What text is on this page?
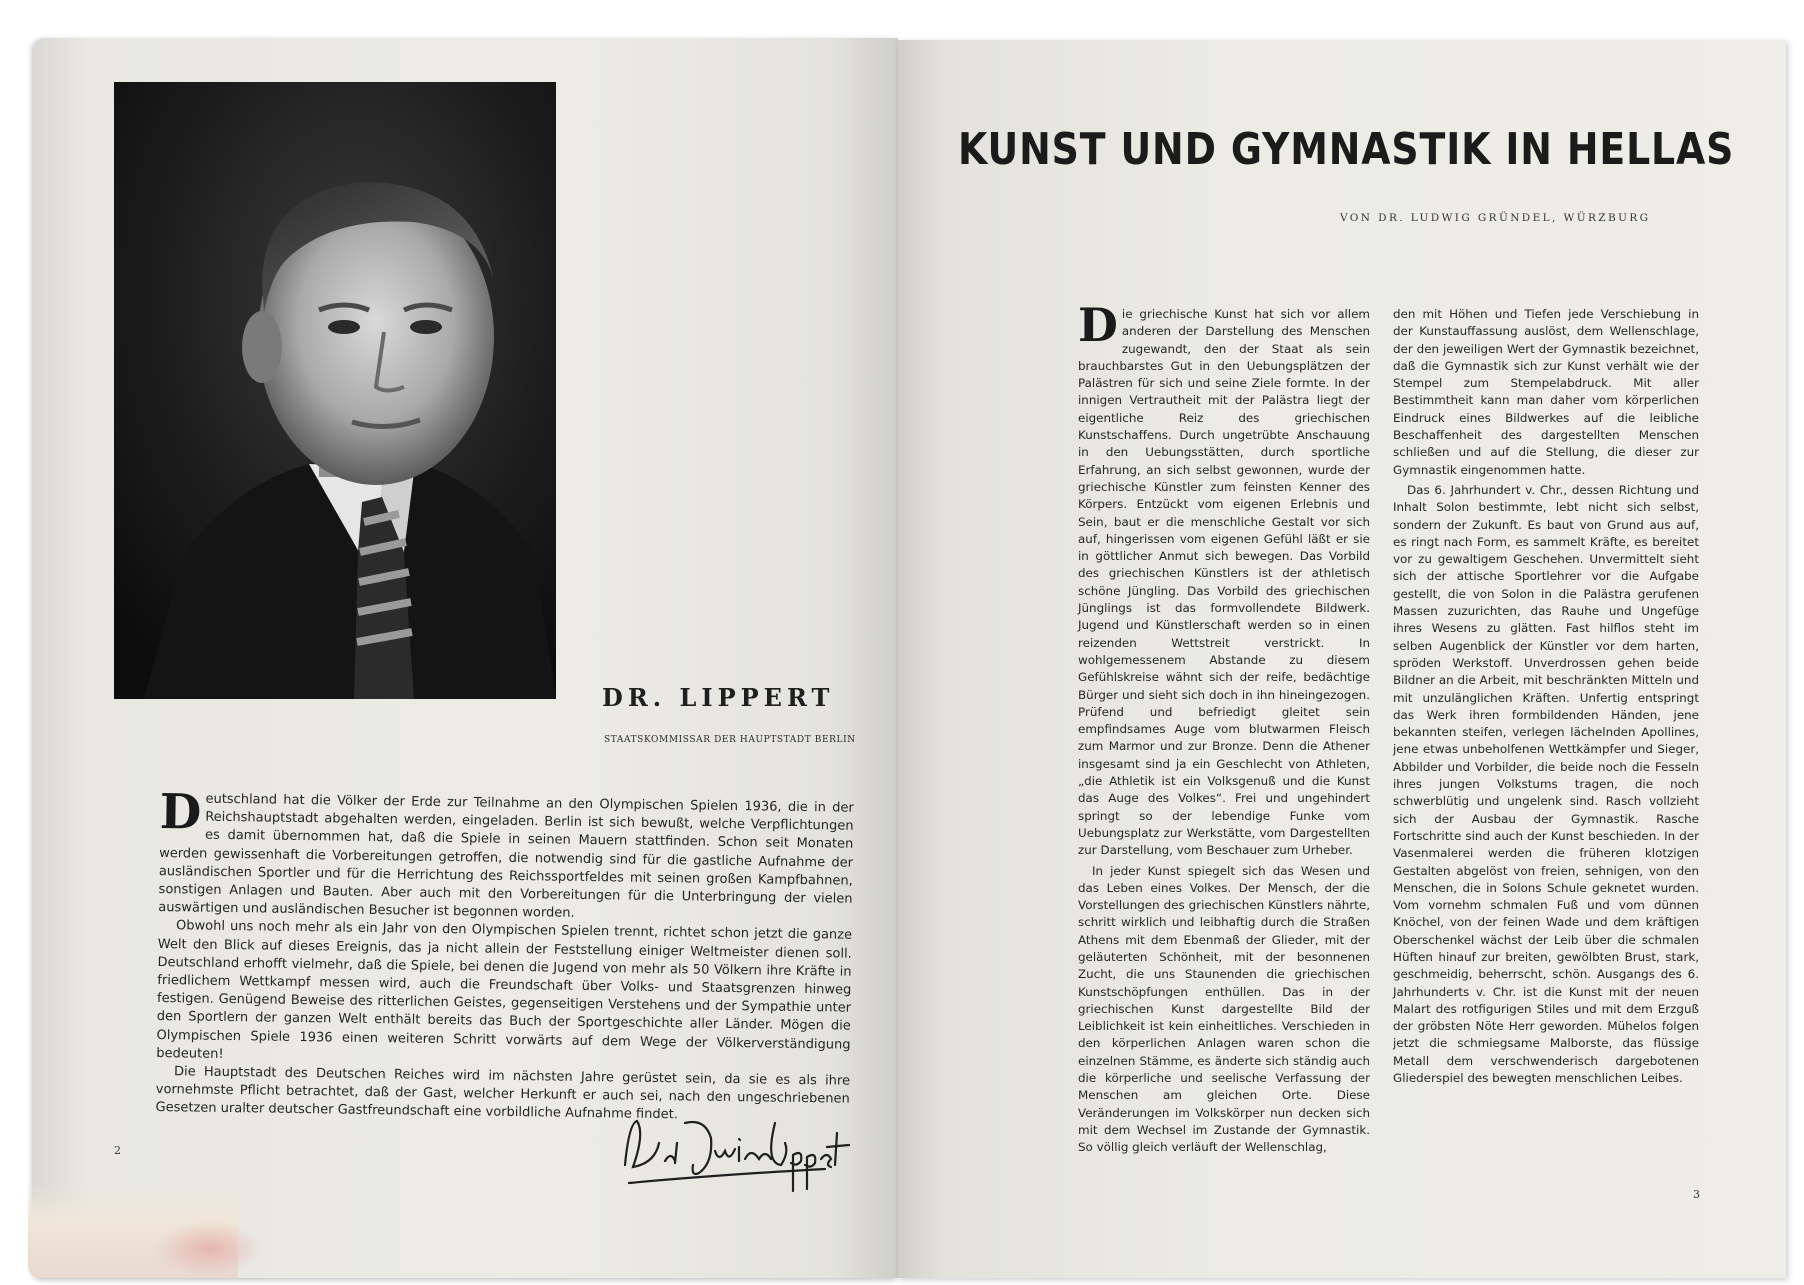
DR. LIPPERT
STAATSKOMMISSAR DER HAUPTSTADT BERLIN
D eutschland hat die Völker der Erde zur Teilnahme an den Olympischen Spielen 1936, die in der Reichshauptstadt abgehalten werden, eingeladen. Berlin ist sich bewußt, welche Verpflichtungen es damit übernommen hat, daß die Spiele in seinen Mauern stattfinden. Schon seit Monaten werden gewissenhaft die Vorbereitungen getroffen, die notwendig sind für die gastliche Aufnahme der ausländischen Sportler und für die Herrichtung des Reichssportfeldes mit seinen großen Kampfbahnen, sonstigen Anlagen und Bauten. Aber auch mit den Vorbereitungen für die Unterbringung der vielen auswärtigen und ausländischen Besucher ist begonnen worden.

Obwohl uns noch mehr als ein Jahr von den Olympischen Spielen trennt, richtet schon jetzt die ganze Welt den Blick auf dieses Ereignis, das ja nicht allein der Feststellung einiger Weltmeister dienen soll. Deutschland erhofft vielmehr, daß die Spiele, bei denen die Jugend von mehr als 50 Völkern ihre Kräfte in friedlichem Wettkampf messen wird, auch die Freundschaft über Volks- und Staatsgrenzen hinweg festigen. Genügend Beweise des ritterlichen Geistes, gegenseitigen Verstehens und der Sympathie unter den Sportlern der ganzen Welt enthält bereits das Buch der Sportgeschichte aller Länder. Mögen die Olympischen Spiele 1936 einen weiteren Schritt vorwärts auf dem Wege der Völkerverständigung bedeuten!

Die Hauptstadt des Deutschen Reiches wird im nächsten Jahre gerüstet sein, da sie es als ihre vornehmste Pflicht betrachtet, daß der Gast, welcher Herkunft er auch sei, nach den ungeschriebenen Gesetzen uralter deutscher Gastfreundschaft eine vorbildliche Aufnahme findet.

2
KUNST UND GYMNASTIK IN HELLAS
VON DR. LUDWIG GRÜNDEL, WÜRZBURG
D ie griechische Kunst hat sich vor allem anderen der Darstellung des Menschen zugewandt, den der Staat als sein brauchbarstes Gut in den Uebungsplätzen der Palästren für sich und seine Ziele formte. In der innigen Vertrautheit mit der Palästra liegt der eigentliche Reiz des griechischen Kunstschaffens. Durch ungetrübte Anschauung in den Uebungsstätten, durch sportliche Erfahrung, an sich selbst gewonnen, wurde der griechische Künstler zum feinsten Kenner des Körpers. Entzückt vom eigenen Erlebnis und Sein, baut er die menschliche Gestalt vor sich auf, hingerissen vom eigenen Gefühl läßt er sie in göttlicher Anmut sich bewegen. Das Vorbild des griechischen Künstlers ist der athletisch schöne Jüngling. Das Vorbild des griechischen Jünglings ist das formvollendete Bildwerk. Jugend und Künstlerschaft werden so in einen reizenden Wettstreit verstrickt. In wohlgemessenem Abstande zu diesem Gefühlskreise wähnt sich der reife, bedächtige Bürger und sieht sich doch in ihn hineingezogen. Prüfend und befriedigt gleitet sein empfindsames Auge vom blutwarmen Fleisch zum Marmor und zur Bronze. Denn die Athener insgesamt sind ja ein Geschlecht von Athleten, „die Athletik ist ein Volksgenuß und die Kunst das Auge des Volkes“. Frei und ungehindert springt so der lebendige Funke vom Uebungsplatz zur Werkstätte, vom Dargestellten zur Darstellung, vom Beschauer zum Urheber.

In jeder Kunst spiegelt sich das Wesen und das Leben eines Volkes. Der Mensch, der die Vorstellungen des griechischen Künstlers nährte, schritt wirklich und leibhaftig durch die Straßen Athens mit dem Ebenmaß der Glieder, mit der geläuterten Schönheit, mit der besonnenen Zucht, die uns Staunenden die griechischen Kunstschöpfungen enthüllen. Das in der griechischen Kunst dargestellte Bild der Leiblichkeit ist kein einheitliches. Verschieden in den körperlichen Anlagen waren schon die einzelnen Stämme, es änderte sich ständig auch die körperliche und seelische Verfassung der Menschen am gleichen Orte. Diese Veränderungen im Volkskörper nun decken sich mit dem Wechsel im Zustande der Gymnastik. So völlig gleich verläuft der Wellenschlag,

den mit Höhen und Tiefen jede Verschiebung in der Kunstauffassung auslöst, dem Wellenschlage, der den jeweiligen Wert der Gymnastik bezeichnet, daß die Gymnastik sich zur Kunst verhält wie der Stempel zum Stempelabdruck. Mit aller Bestimmtheit kann man daher vom körperlichen Eindruck eines Bildwerkes auf die leibliche Beschaffenheit des dargestellten Menschen schließen und auf die Stellung, die dieser zur Gymnastik eingenommen hatte.

Das 6. Jahrhundert v. Chr., dessen Richtung und Inhalt Solon bestimmte, lebt nicht sich selbst, sondern der Zukunft. Es baut von Grund aus auf, es ringt nach Form, es sammelt Kräfte, es bereitet vor zu gewaltigem Geschehen. Unvermittelt sieht sich der attische Sportlehrer vor die Aufgabe gestellt, die von Solon in die Palästra gerufenen Massen zuzurichten, das Rauhe und Ungefüge ihres Wesens zu glätten. Fast hilflos steht im selben Augenblick der Künstler vor dem harten, spröden Werkstoff. Unverdrossen gehen beide Bildner an die Arbeit, mit beschränkten Mitteln und mit unzulänglichen Kräften. Unfertig entspringt das Werk ihren formbildenden Händen, jene bekannten steifen, verlegen lächelnden Apollines, jene etwas unbeholfenen Wettkämpfer und Sieger, Abbilder und Vorbilder, die beide noch die Fesseln ihres jungen Volkstums tragen, die noch schwerblütig und ungelenk sind. Rasch vollzieht sich der Ausbau der Gymnastik. Rasche Fortschritte sind auch der Kunst beschieden. In der Vasenmalerei werden die früheren klotzigen Gestalten abgelöst von freien, sehnigen, von den Menschen, die in Solons Schule geknetet wurden. Vom vornehm schmalen Fuß und vom dünnen Knöchel, von der feinen Wade und dem kräftigen Oberschenkel wächst der Leib über die schmalen Hüften hinauf zur breiten, gewölbten Brust, stark, geschmeidig, beherrscht, schön. Ausgangs des 6. Jahrhunderts v. Chr. ist die Kunst mit der neuen Malart des rotfigurigen Stiles und mit dem Erzguß der gröbsten Nöte Herr geworden. Mühelos folgen jetzt die schmiegsame Malborste, das flüssige Metall dem verschwenderisch dargebotenen Gliederspiel des bewegten menschlichen Leibes.

3
